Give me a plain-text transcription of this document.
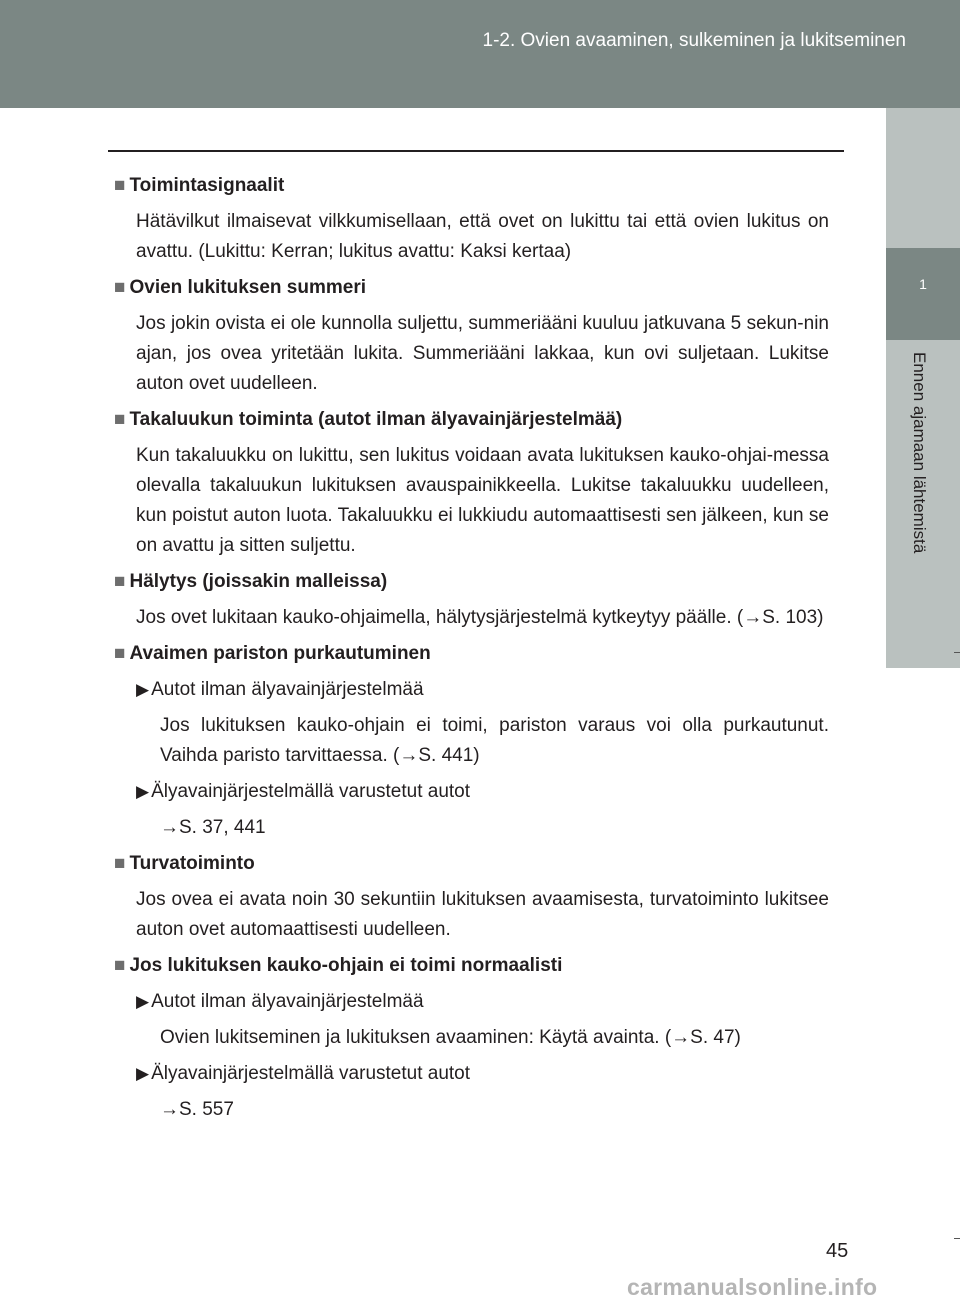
1-2. Ovien avaaminen, sulkeminen ja lukitseminen
1
Ennen ajamaan lähtemistä
■ Toimintasignaalit
Hätävilkut ilmaisevat vilkkumisellaan, että ovet on lukittu tai että ovien lukitus on avattu. (Lukittu: Kerran; lukitus avattu: Kaksi kertaa)
■ Ovien lukituksen summeri
Jos jokin ovista ei ole kunnolla suljettu, summeriääni kuuluu jatkuvana 5 sekun-nin ajan, jos ovea yritetään lukita. Summeriääni lakkaa, kun ovi suljetaan. Lukitse auton ovet uudelleen.
■ Takaluukun toiminta (autot ilman älyavainjärjestelmää)
Kun takaluukku on lukittu, sen lukitus voidaan avata lukituksen kauko-ohjai-messa olevalla takaluukun lukituksen avauspainikkeella. Lukitse takaluukku uudelleen, kun poistut auton luota. Takaluukku ei lukkiudu automaattisesti sen jälkeen, kun se on avattu ja sitten suljettu.
■ Hälytys (joissakin malleissa)
Jos ovet lukitaan kauko-ohjaimella, hälytysjärjestelmä kytkeytyy päälle. (→S. 103)
■ Avaimen pariston purkautuminen
▶ Autot ilman älyavainjärjestelmää
Jos lukituksen kauko-ohjain ei toimi, pariston varaus voi olla purkautunut. Vaihda paristo tarvittaessa. (→S. 441)
▶ Älyavainjärjestelmällä varustetut autot
→S. 37, 441
■ Turvatoiminto
Jos ovea ei avata noin 30 sekuntiin lukituksen avaamisesta, turvatoiminto lukitsee auton ovet automaattisesti uudelleen.
■ Jos lukituksen kauko-ohjain ei toimi normaalisti
▶ Autot ilman älyavainjärjestelmää
Ovien lukitseminen ja lukituksen avaaminen: Käytä avainta. (→S. 47)
▶ Älyavainjärjestelmällä varustetut autot
→S. 557
45
carmanualsonline.info
